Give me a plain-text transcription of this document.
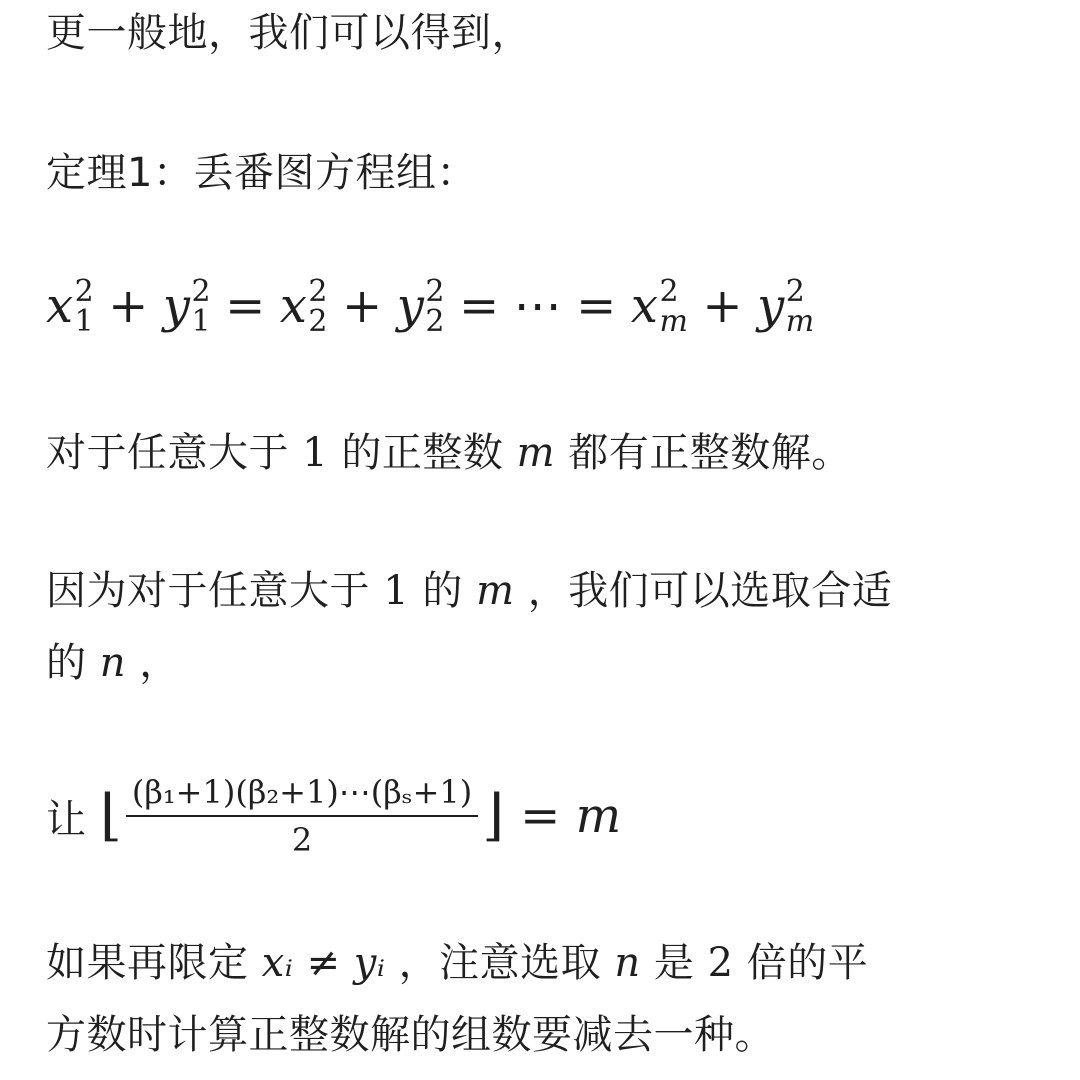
更一般地，我们可以得到，

定理1：丢番图方程组：

x 2
1 + y 2
1 = x 2
2 + y 2
2 = ⋯ = x 2
m + y 2
m

对于任意大于 1 的正整数 m 都有正整数解。

因为对于任意大于 1 的 m ，我们可以选取合适

的 n ，

让 ⌊ $\frac{\text{(β₁+1)(β₂+1)⋯(βₛ+1)}}{2}$ ⌋ = m

如果再限定 xᵢ ≠ yᵢ ，注意选取 n 是 2 倍的平

方数时计算正整数解的组数要减去一种。
